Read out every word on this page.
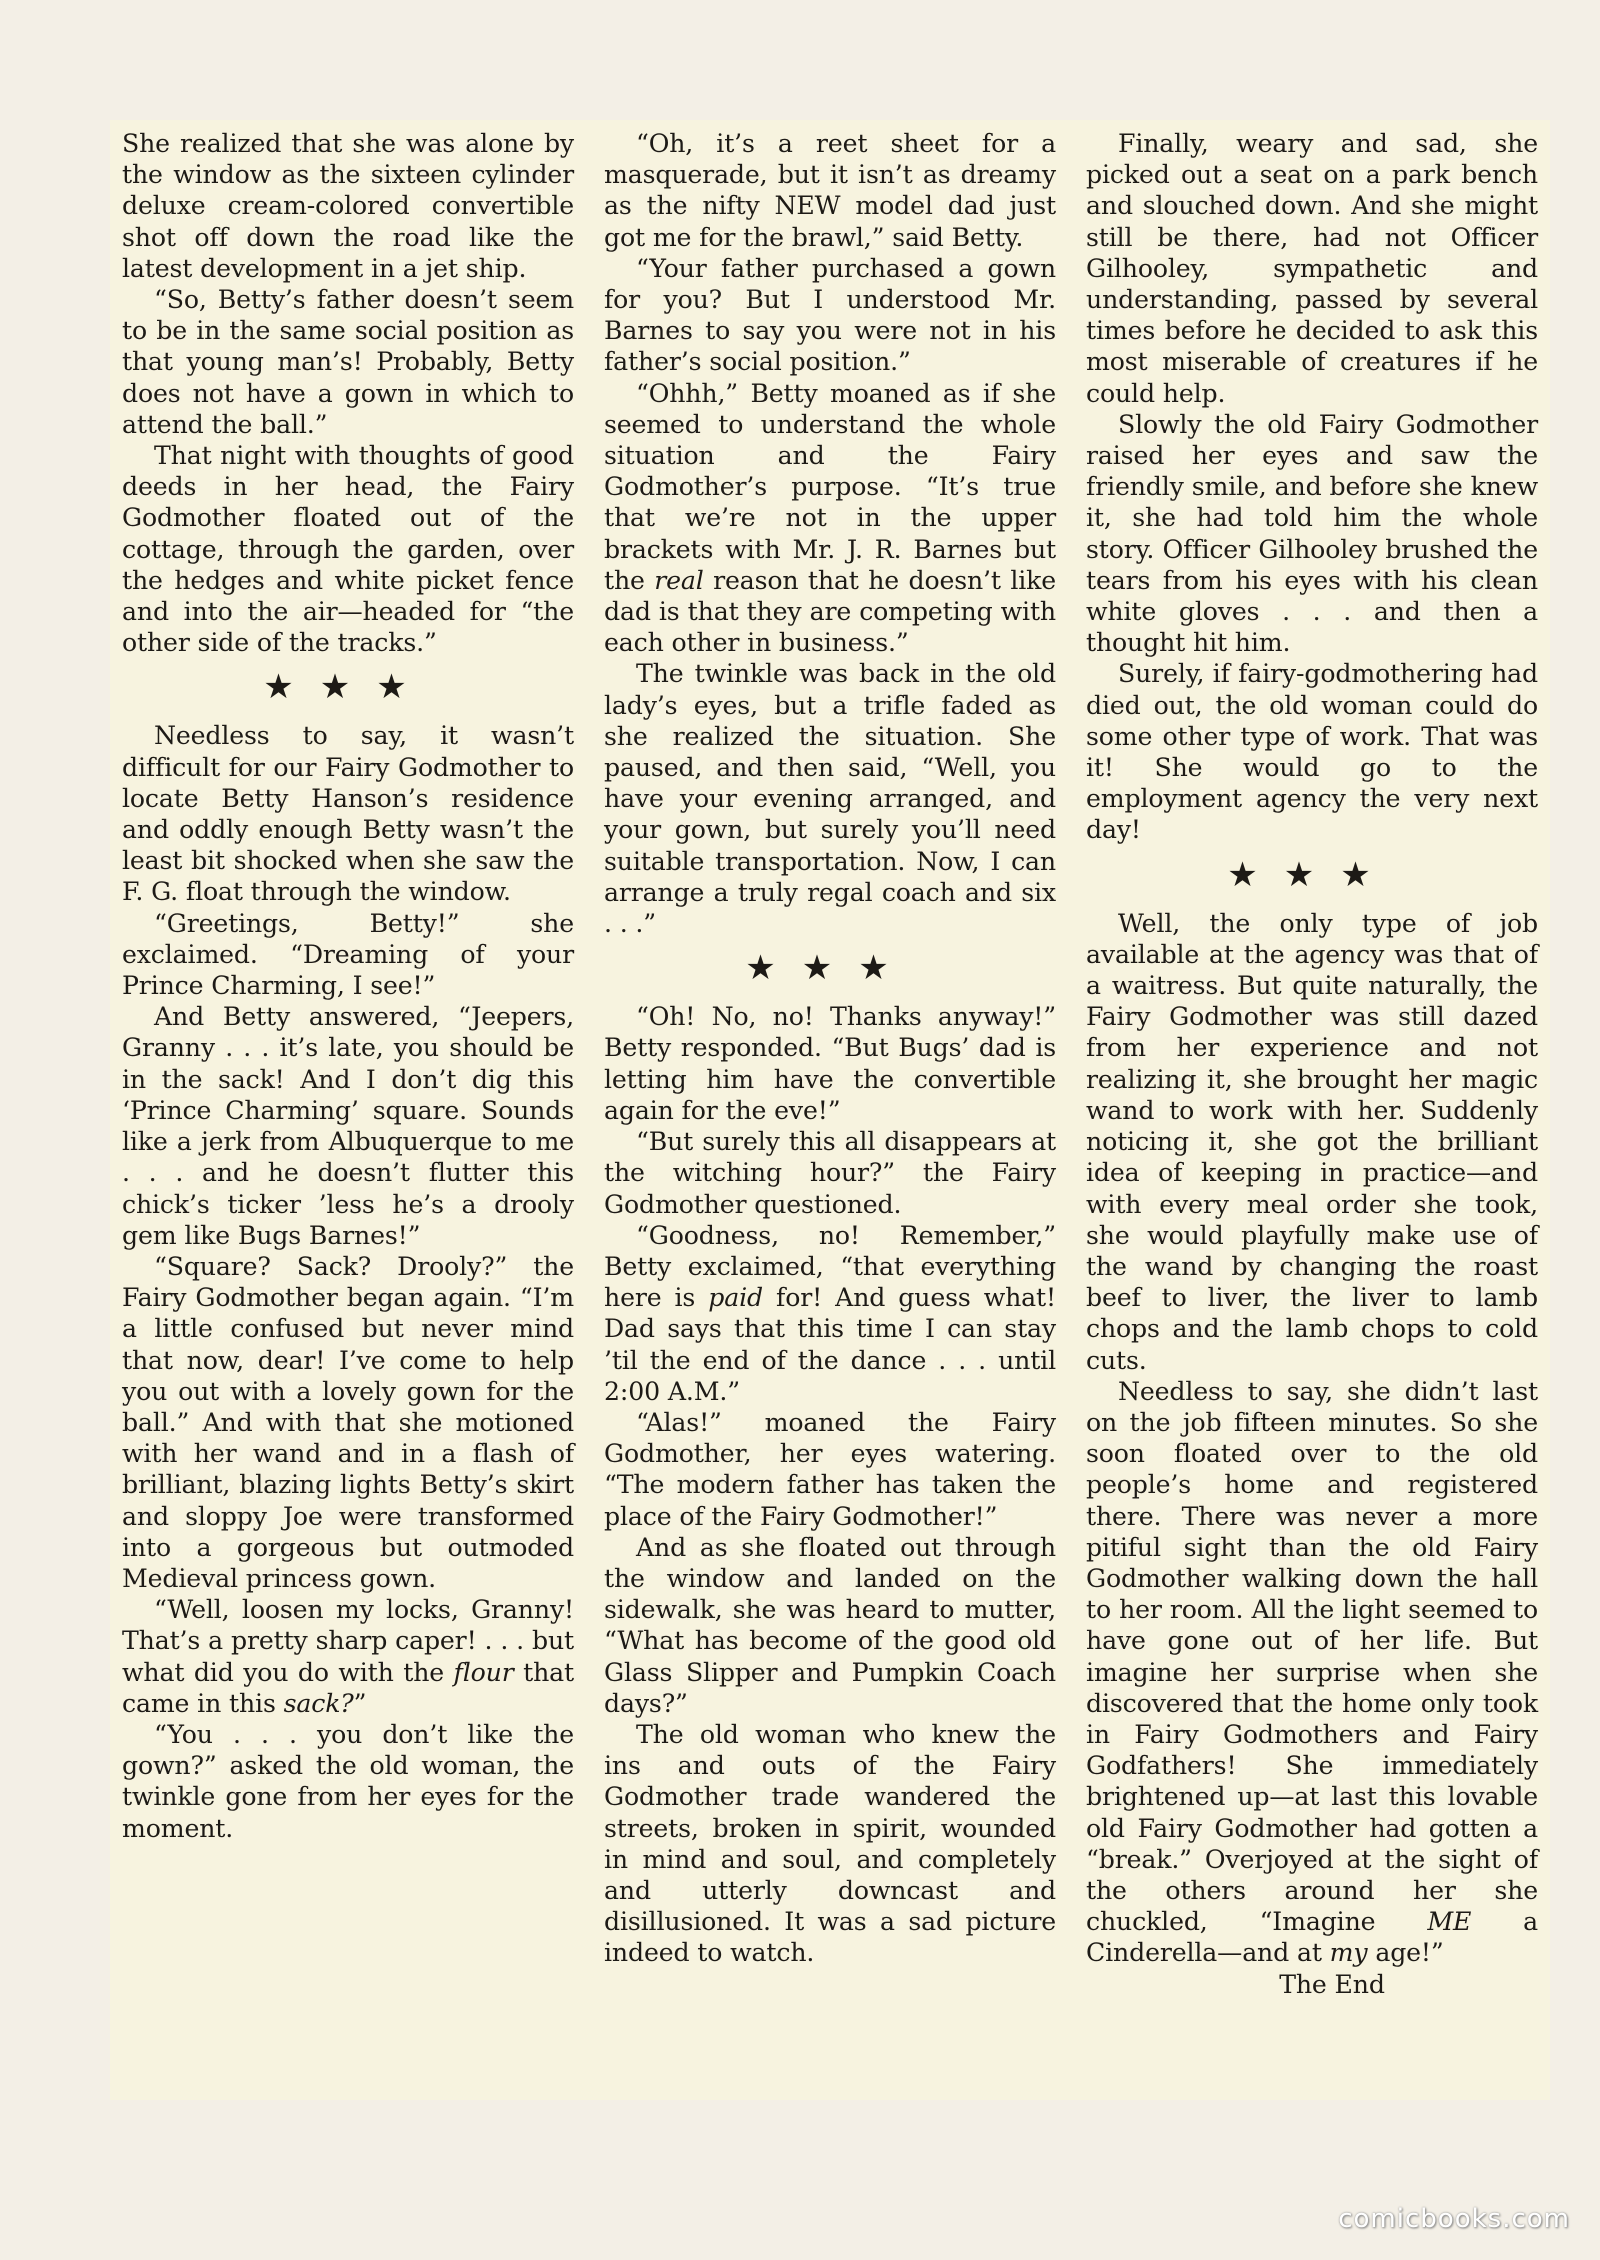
She realized that she was alone by the window as the sixteen cylinder deluxe cream-colored convertible shot off down the road like the latest development in a jet ship.

“So, Betty’s father doesn’t seem to be in the same social position as that young man’s! Probably, Betty does not have a gown in which to attend the ball.”

That night with thoughts of good deeds in her head, the Fairy Godmother floated out of the cottage, through the garden, over the hedges and white picket fence and into the air—headed for “the other side of the tracks.”

★★★

Needless to say, it wasn’t difficult for our Fairy Godmother to locate Betty Hanson’s residence and oddly enough Betty wasn’t the least bit shocked when she saw the F. G. float through the window.

“Greetings, Betty!” she exclaimed. “Dreaming of your Prince Charming, I see!”

And Betty answered, “Jeepers, Granny . . . it’s late, you should be in the sack! And I don’t dig this ‘Prince Charming’ square. Sounds like a jerk from Albuquerque to me . . . and he doesn’t flutter this chick’s ticker ’less he’s a drooly gem like Bugs Barnes!”

“Square? Sack? Drooly?” the Fairy Godmother began again. “I’m a little confused but never mind that now, dear! I’ve come to help you out with a lovely gown for the ball.” And with that she motioned with her wand and in a flash of brilliant, blazing lights Betty’s skirt and sloppy Joe were transformed into a gorgeous but outmoded Medieval princess gown.

“Well, loosen my locks, Granny! That’s a pretty sharp caper! . . . but what did you do with the flour that came in this sack?”

“You . . . you don’t like the gown?” asked the old woman, the twinkle gone from her eyes for the moment.

“Oh, it’s a reet sheet for a masquerade, but it isn’t as dreamy as the nifty NEW model dad just got me for the brawl,” said Betty.

“Your father purchased a gown for you? But I understood Mr. Barnes to say you were not in his father’s social position.”

“Ohhh,” Betty moaned as if she seemed to understand the whole situation and the Fairy Godmother’s purpose. “It’s true that we’re not in the upper brackets with Mr. J. R. Barnes but the real reason that he doesn’t like dad is that they are competing with each other in business.”

The twinkle was back in the old lady’s eyes, but a trifle faded as she realized the situation. She paused, and then said, “Well, you have your evening arranged, and your gown, but surely you’ll need suitable transportation. Now, I can arrange a truly regal coach and six . . .”

★★★

“Oh! No, no! Thanks anyway!” Betty responded. “But Bugs’ dad is letting him have the convertible again for the eve!”

“But surely this all disappears at the witching hour?” the Fairy Godmother questioned.

“Goodness, no! Remember,” Betty exclaimed, “that everything here is paid for! And guess what! Dad says that this time I can stay ’til the end of the dance . . . until 2:00 A.M.”

“Alas!” moaned the Fairy Godmother, her eyes watering. “The modern father has taken the place of the Fairy Godmother!”

And as she floated out through the window and landed on the sidewalk, she was heard to mutter, “What has become of the good old Glass Slipper and Pumpkin Coach days?”

The old woman who knew the ins and outs of the Fairy Godmother trade wandered the streets, broken in spirit, wounded in mind and soul, and completely and utterly downcast and disillusioned. It was a sad picture indeed to watch.

Finally, weary and sad, she picked out a seat on a park bench and slouched down. And she might still be there, had not Officer Gilhooley, sympathetic and understanding, passed by several times before he decided to ask this most miserable of creatures if he could help.

Slowly the old Fairy Godmother raised her eyes and saw the friendly smile, and before she knew it, she had told him the whole story. Officer Gilhooley brushed the tears from his eyes with his clean white gloves . . . and then a thought hit him.

Surely, if fairy-godmothering had died out, the old woman could do some other type of work. That was it! She would go to the employment agency the very next day!

★★★

Well, the only type of job available at the agency was that of a waitress. But quite naturally, the Fairy Godmother was still dazed from her experience and not realizing it, she brought her magic wand to work with her. Suddenly noticing it, she got the brilliant idea of keeping in practice—and with every meal order she took, she would playfully make use of the wand by changing the roast beef to liver, the liver to lamb chops and the lamb chops to cold cuts.

Needless to say, she didn’t last on the job fifteen minutes. So she soon floated over to the old people’s home and registered there. There was never a more pitiful sight than the old Fairy Godmother walking down the hall to her room. All the light seemed to have gone out of her life. But imagine her surprise when she discovered that the home only took in Fairy Godmothers and Fairy Godfathers! She immediately brightened up—at last this lovable old Fairy Godmother had gotten a “break.” Overjoyed at the sight of the others around her she chuckled, “Imagine ME a Cinderella—and at my age!”

The End

comicbooks.com
